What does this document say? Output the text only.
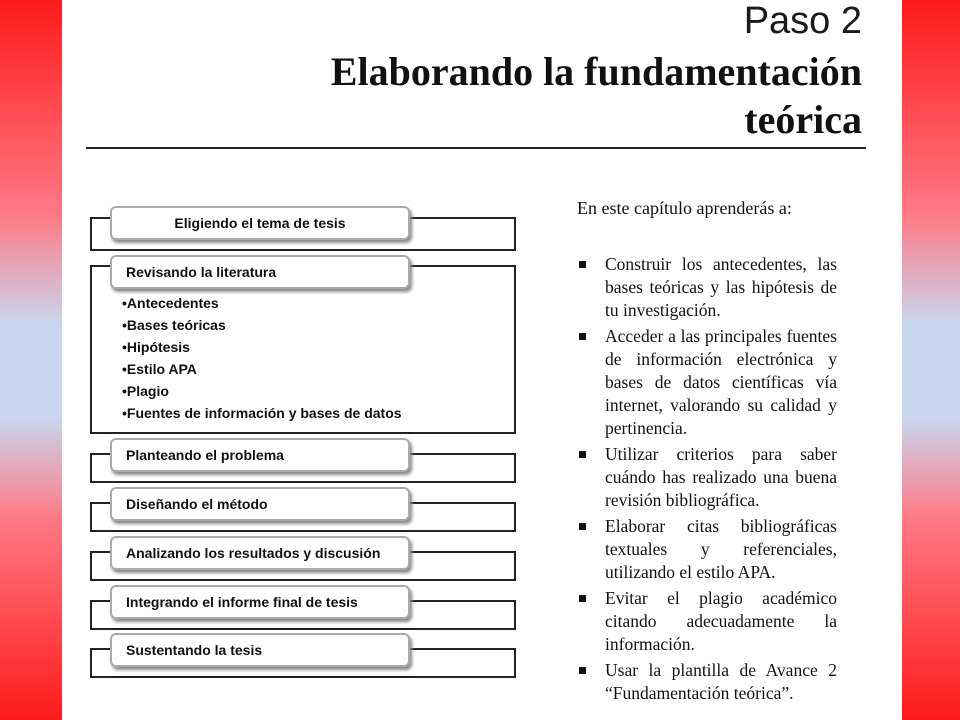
Paso 2
Elaborando la fundamentación
teórica
Eligiendo el tema de tesis
Revisando la literatura
Planteando el problema
Diseñando el método
Analizando los resultados y discusión
Integrando el informe final de tesis
Sustentando la tesis
•Antecedentes
•Bases teóricas
•Hipótesis
•Estilo APA
•Plagio
•Fuentes de información y bases de datos

En este capítulo aprenderás a:

Construir los antecedentes, las bases teóricas y las hipótesis de tu investigación.
Acceder a las principales fuentes de información electrónica y bases de datos científicas vía internet, valorando su calidad y pertinencia.
Utilizar criterios para saber cuándo has realizado una buena revisión bibliográfica.
Elaborar citas bibliográficas textuales y referenciales, utilizando el estilo APA.
Evitar el plagio académico citando adecuadamente la información.
Usar la plantilla de Avance 2 “Fundamentación teórica”.
